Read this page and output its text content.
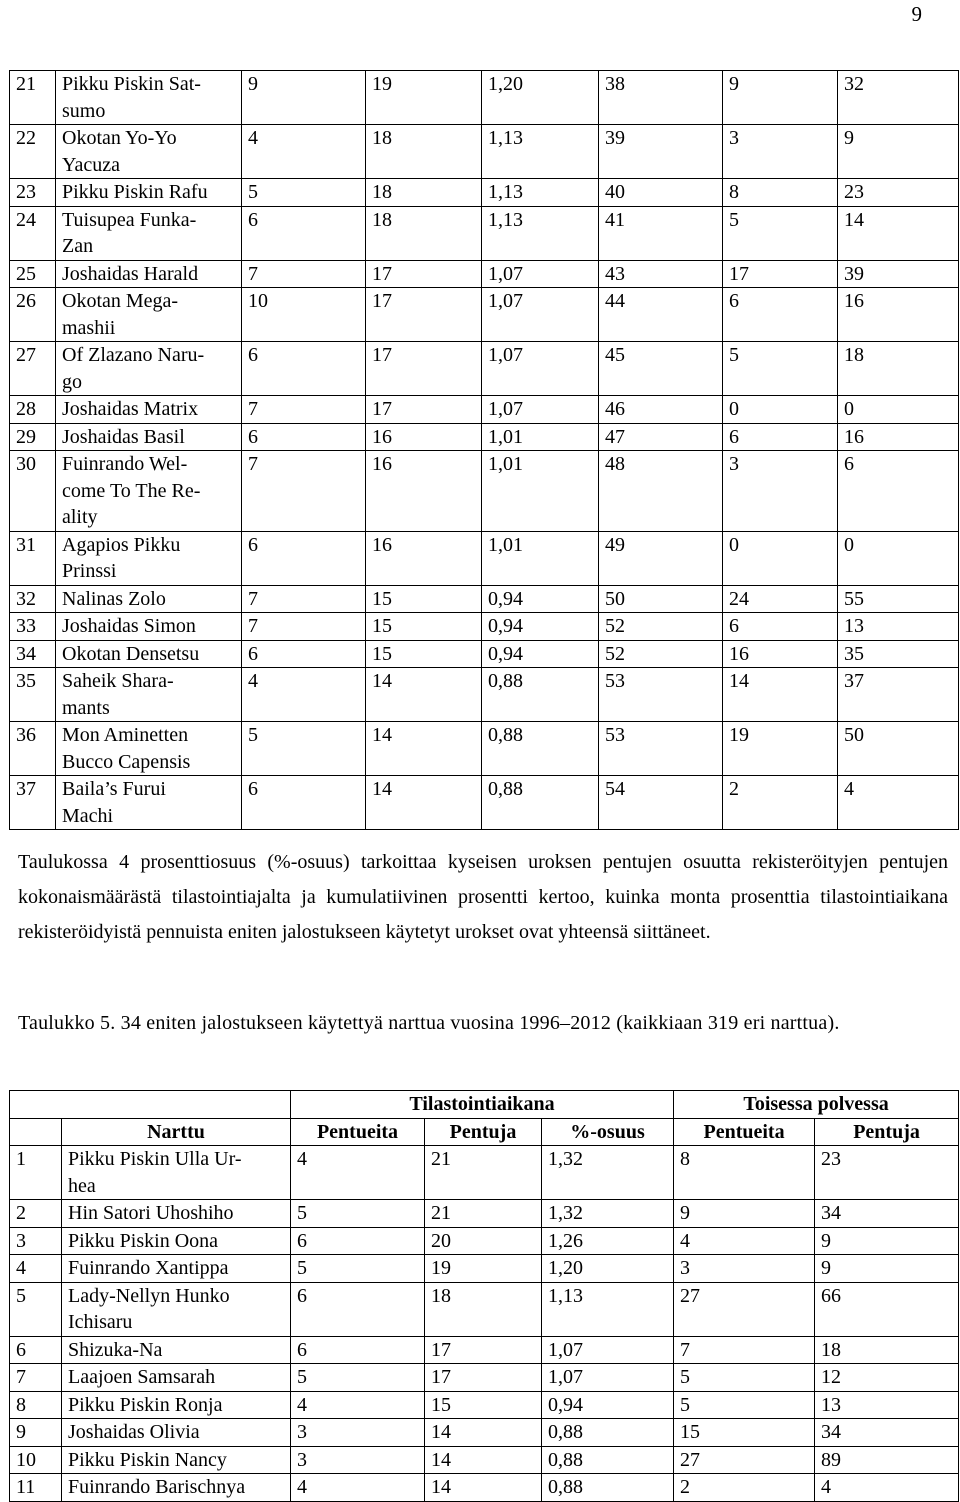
9
21	Pikku Piskin Sat-
sumo	9	19	1,20	38	9	32
22	Okotan Yo-Yo
Yacuza	4	18	1,13	39	3	9
23	Pikku Piskin Rafu	5	18	1,13	40	8	23
24	Tuisupea Funka-
Zan	6	18	1,13	41	5	14
25	Joshaidas Harald	7	17	1,07	43	17	39
26	Okotan Mega-
mashii	10	17	1,07	44	6	16
27	Of Zlazano Naru-
go	6	17	1,07	45	5	18
28	Joshaidas Matrix	7	17	1,07	46	0	0
29	Joshaidas Basil	6	16	1,01	47	6	16
30	Fuinrando Wel-
come To The Re-
ality	7	16	1,01	48	3	6
31	Agapios Pikku
Prinssi	6	16	1,01	49	0	0
32	Nalinas Zolo	7	15	0,94	50	24	55
33	Joshaidas Simon	7	15	0,94	52	6	13
34	Okotan Densetsu	6	15	0,94	52	16	35
35	Saheik Shara-
mants	4	14	0,88	53	14	37
36	Mon Aminetten
Bucco Capensis	5	14	0,88	53	19	50
37	Baila’s Furui
Machi	6	14	0,88	54	2	4
Taulukossa 4 prosenttiosuus (%-osuus) tarkoittaa kyseisen uroksen pentujen osuutta rekisteröityjen pentujen kokonaismäärästä tilastointiajalta ja kumulatiivinen prosentti kertoo, kuinka monta prosenttia tilastointiaikana rekisteröidyistä pennuista eniten jalostukseen käytetyt urokset ovat yhteensä siittäneet.
Taulukko 5. 34 eniten jalostukseen käytettyä narttua vuosina 1996–2012 (kaikkiaan 319 eri narttua).
		Tilastointiaikana			Toisessa polvessa	
	Narttu	Pentueita	Pentuja	%-osuus	Pentueita	Pentuja
1	Pikku Piskin Ulla Ur-
hea	4	21	1,32	8	23
2	Hin Satori Uhoshiho	5	21	1,32	9	34
3	Pikku Piskin Oona	6	20	1,26	4	9
4	Fuinrando Xantippa	5	19	1,20	3	9
5	Lady-Nellyn Hunko
Ichisaru	6	18	1,13	27	66
6	Shizuka-Na	6	17	1,07	7	18
7	Laajoen Samsarah	5	17	1,07	5	12
8	Pikku Piskin Ronja	4	15	0,94	5	13
9	Joshaidas Olivia	3	14	0,88	15	34
10	Pikku Piskin Nancy	3	14	0,88	27	89
11	Fuinrando Barischnya	4	14	0,88	2	4
